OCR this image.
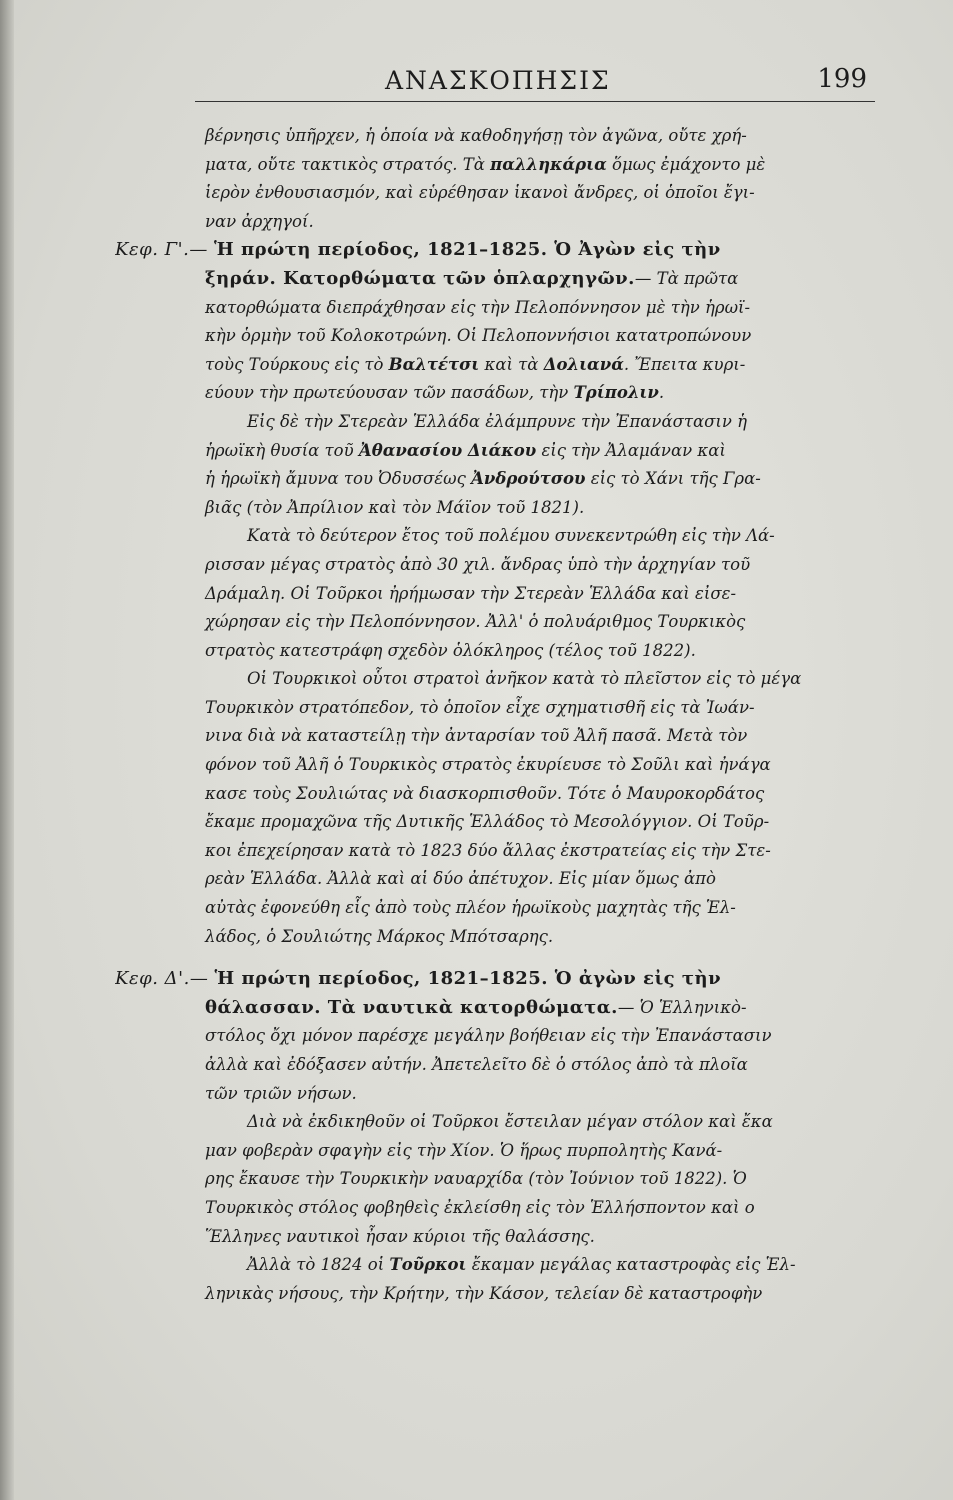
ΑΝΑΣΚΟΠΗΣΙΣ	199
βέρνησις ὑπῆρχεν, ἡ ὁποία νὰ καθοδηγήσῃ τὸν ἀγῶνα, οὔτε χρή-
ματα, οὔτε τακτικὸς στρατός. Τὰ παλληκάρια ὅμως ἐμάχοντο μὲ
ἱερὸν ἐνθουσιασμόν, καὶ εὑρέθησαν ἱκανοὶ ἄνδρες, οἱ ὁποῖοι ἔγι-
ναν ἀρχηγοί.
Κεφ. Γ'.— Ἡ πρώτη περίοδος, 1821–1825. Ὁ Ἀγὼν εἰς τὴν
ξηράν. Κατορθώματα τῶν ὁπλαρχηγῶν.— Τὰ πρῶτα
κατορθώματα διεπράχθησαν εἰς τὴν Πελοπόννησον μὲ τὴν ἡρωϊ-
κὴν ὁρμὴν τοῦ Κολοκοτρώνη. Οἱ Πελοποννήσιοι κατατροπώνουν
τοὺς Τούρκους εἰς τὸ Βαλτέτσι καὶ τὰ Δολιανά. Ἔπειτα κυρι-
εύουν τὴν πρωτεύουσαν τῶν πασάδων, τὴν Τρίπολιν.
Εἰς δὲ τὴν Στερεὰν Ἑλλάδα ἐλάμπρυνε τὴν Ἐπανάστασιν ἡ
ἡρωϊκὴ θυσία τοῦ Ἀθανασίου Διάκου εἰς τὴν Ἀλαμάναν καὶ
ἡ ἡρωϊκὴ ἄμυνα του Ὀδυσσέως Ἀνδρούτσου εἰς τὸ Χάνι τῆς Γρα-
βιᾶς (τὸν Ἀπρίλιον καὶ τὸν Μάϊον τοῦ 1821).
Κατὰ τὸ δεύτερον ἔτος τοῦ πολέμου συνεκεντρώθη εἰς τὴν Λά-
ρισσαν μέγας στρατὸς ἀπὸ 30 χιλ. ἄνδρας ὑπὸ τὴν ἀρχηγίαν τοῦ
Δράμαλη. Οἱ Τοῦρκοι ἠρήμωσαν τὴν Στερεὰν Ἑλλάδα καὶ εἰσε-
χώρησαν εἰς τὴν Πελοπόννησον. Ἀλλ' ὁ πολυάριθμος Τουρκικὸς
στρατὸς κατεστράφη σχεδὸν ὁλόκληρος (τέλος τοῦ 1822).
Οἱ Τουρκικοὶ οὗτοι στρατοὶ ἀνῆκον κατὰ τὸ πλεῖστον εἰς τὸ μέγα
Τουρκικὸν στρατόπεδον, τὸ ὁποῖον εἶχε σχηματισθῆ εἰς τὰ Ἰωάν-
νινα διὰ νὰ καταστείλῃ τὴν ἀνταρσίαν τοῦ Ἀλῆ πασᾶ. Μετὰ τὸν
φόνον τοῦ Ἀλῆ ὁ Τουρκικὸς στρατὸς ἐκυρίευσε τὸ Σοῦλι καὶ ἠνάγα
κασε τοὺς Σουλιώτας νὰ διασκορπισθοῦν. Τότε ὁ Μαυροκορδάτος
ἔκαμε προμαχῶνα τῆς Δυτικῆς Ἑλλάδος τὸ Μεσολόγγιον. Οἱ Τοῦρ-
κοι ἐπεχείρησαν κατὰ τὸ 1823 δύο ἄλλας ἐκστρατείας εἰς τὴν Στε-
ρεὰν Ἑλλάδα. Ἀλλὰ καὶ αἱ δύο ἀπέτυχον. Εἰς μίαν ὅμως ἀπὸ
αὐτὰς ἐφονεύθη εἷς ἀπὸ τοὺς πλέον ἡρωϊκοὺς μαχητὰς τῆς Ἑλ-
λάδος, ὁ Σουλιώτης Μάρκος Μπότσαρης.
Κεφ. Δ'.— Ἡ πρώτη περίοδος, 1821–1825. Ὁ ἀγὼν εἰς τὴν
θάλασσαν. Τὰ ναυτικὰ κατορθώματα.— Ὁ Ἑλληνικὸ-
στόλος ὄχι μόνον παρέσχε μεγάλην βοήθειαν εἰς τὴν Ἐπανάστασιν
ἀλλὰ καὶ ἐδόξασεν αὐτήν. Ἀπετελεῖτο δὲ ὁ στόλος ἀπὸ τὰ πλοῖα
τῶν τριῶν νήσων.
Διὰ νὰ ἐκδικηθοῦν οἱ Τοῦρκοι ἔστειλαν μέγαν στόλον καὶ ἔκα
μαν φοβερὰν σφαγὴν εἰς τὴν Χίον. Ὁ ἥρως πυρπολητὴς Κανά-
ρης ἔκαυσε τὴν Τουρκικὴν ναυαρχίδα (τὸν Ἰούνιον τοῦ 1822). Ὁ
Τουρκικὸς στόλος φοβηθεὶς ἐκλείσθη εἰς τὸν Ἑλλήσποντον καὶ ο
Ἕλληνες ναυτικοὶ ἦσαν κύριοι τῆς θαλάσσης.
Ἀλλὰ τὸ 1824 οἱ Τοῦρκοι ἔκαμαν μεγάλας καταστροφὰς εἰς Ἑλ-
ληνικὰς νήσους, τὴν Κρήτην, τὴν Κάσον, τελείαν δὲ καταστροφὴν
